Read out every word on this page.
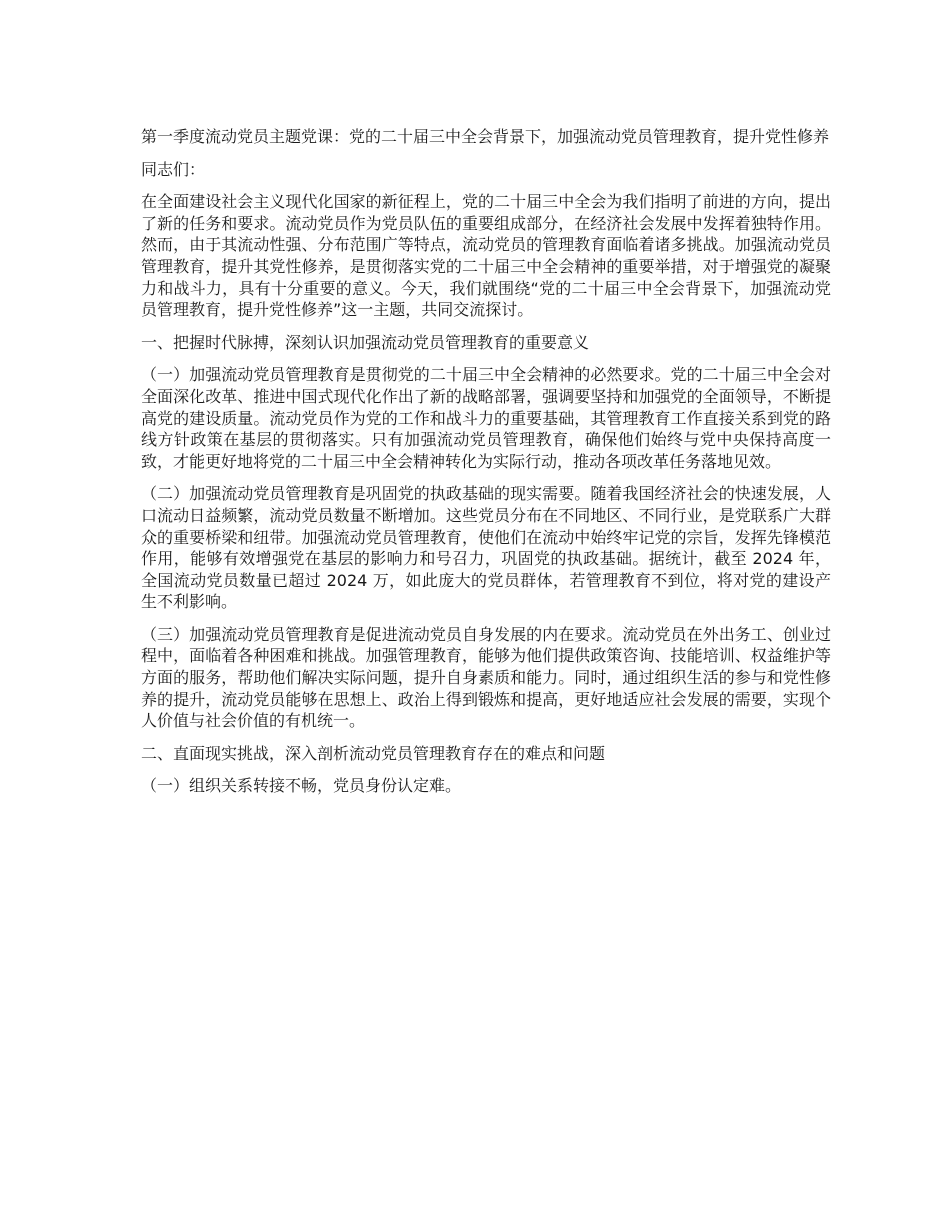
第一季度流动党员主题党课：党的二十届三中全会背景下，加强流动党员管理教育，提升党性修养

同志们：

在全面建设社会主义现代化国家的新征程上，党的二十届三中全会为我们指明了前进的方向，提出了新的任务和要求。流动党员作为党员队伍的重要组成部分，在经济社会发展中发挥着独特作用。然而，由于其流动性强、分布范围广等特点，流动党员的管理教育面临着诸多挑战。加强流动党员管理教育，提升其党性修养，是贯彻落实党的二十届三中全会精神的重要举措，对于增强党的凝聚力和战斗力，具有十分重要的意义。今天，我们就围绕“党的二十届三中全会背景下，加强流动党员管理教育，提升党性修养”这一主题，共同交流探讨。

一、把握时代脉搏，深刻认识加强流动党员管理教育的重要意义

（一）加强流动党员管理教育是贯彻党的二十届三中全会精神的必然要求。党的二十届三中全会对全面深化改革、推进中国式现代化作出了新的战略部署，强调要坚持和加强党的全面领导，不断提高党的建设质量。流动党员作为党的工作和战斗力的重要基础，其管理教育工作直接关系到党的路线方针政策在基层的贯彻落实。只有加强流动党员管理教育，确保他们始终与党中央保持高度一致，才能更好地将党的二十届三中全会精神转化为实际行动，推动各项改革任务落地见效。

（二）加强流动党员管理教育是巩固党的执政基础的现实需要。随着我国经济社会的快速发展，人口流动日益频繁，流动党员数量不断增加。这些党员分布在不同地区、不同行业，是党联系广大群众的重要桥梁和纽带。加强流动党员管理教育，使他们在流动中始终牢记党的宗旨，发挥先锋模范作用，能够有效增强党在基层的影响力和号召力，巩固党的执政基础。据统计，截至 2024 年，全国流动党员数量已超过 2024 万，如此庞大的党员群体，若管理教育不到位，将对党的建设产生不利影响。

（三）加强流动党员管理教育是促进流动党员自身发展的内在要求。流动党员在外出务工、创业过程中，面临着各种困难和挑战。加强管理教育，能够为他们提供政策咨询、技能培训、权益维护等方面的服务，帮助他们解决实际问题，提升自身素质和能力。同时，通过组织生活的参与和党性修养的提升，流动党员能够在思想上、政治上得到锻炼和提高，更好地适应社会发展的需要，实现个人价值与社会价值的有机统一。

二、直面现实挑战，深入剖析流动党员管理教育存在的难点和问题

（一）组织关系转接不畅，党员身份认定难。
